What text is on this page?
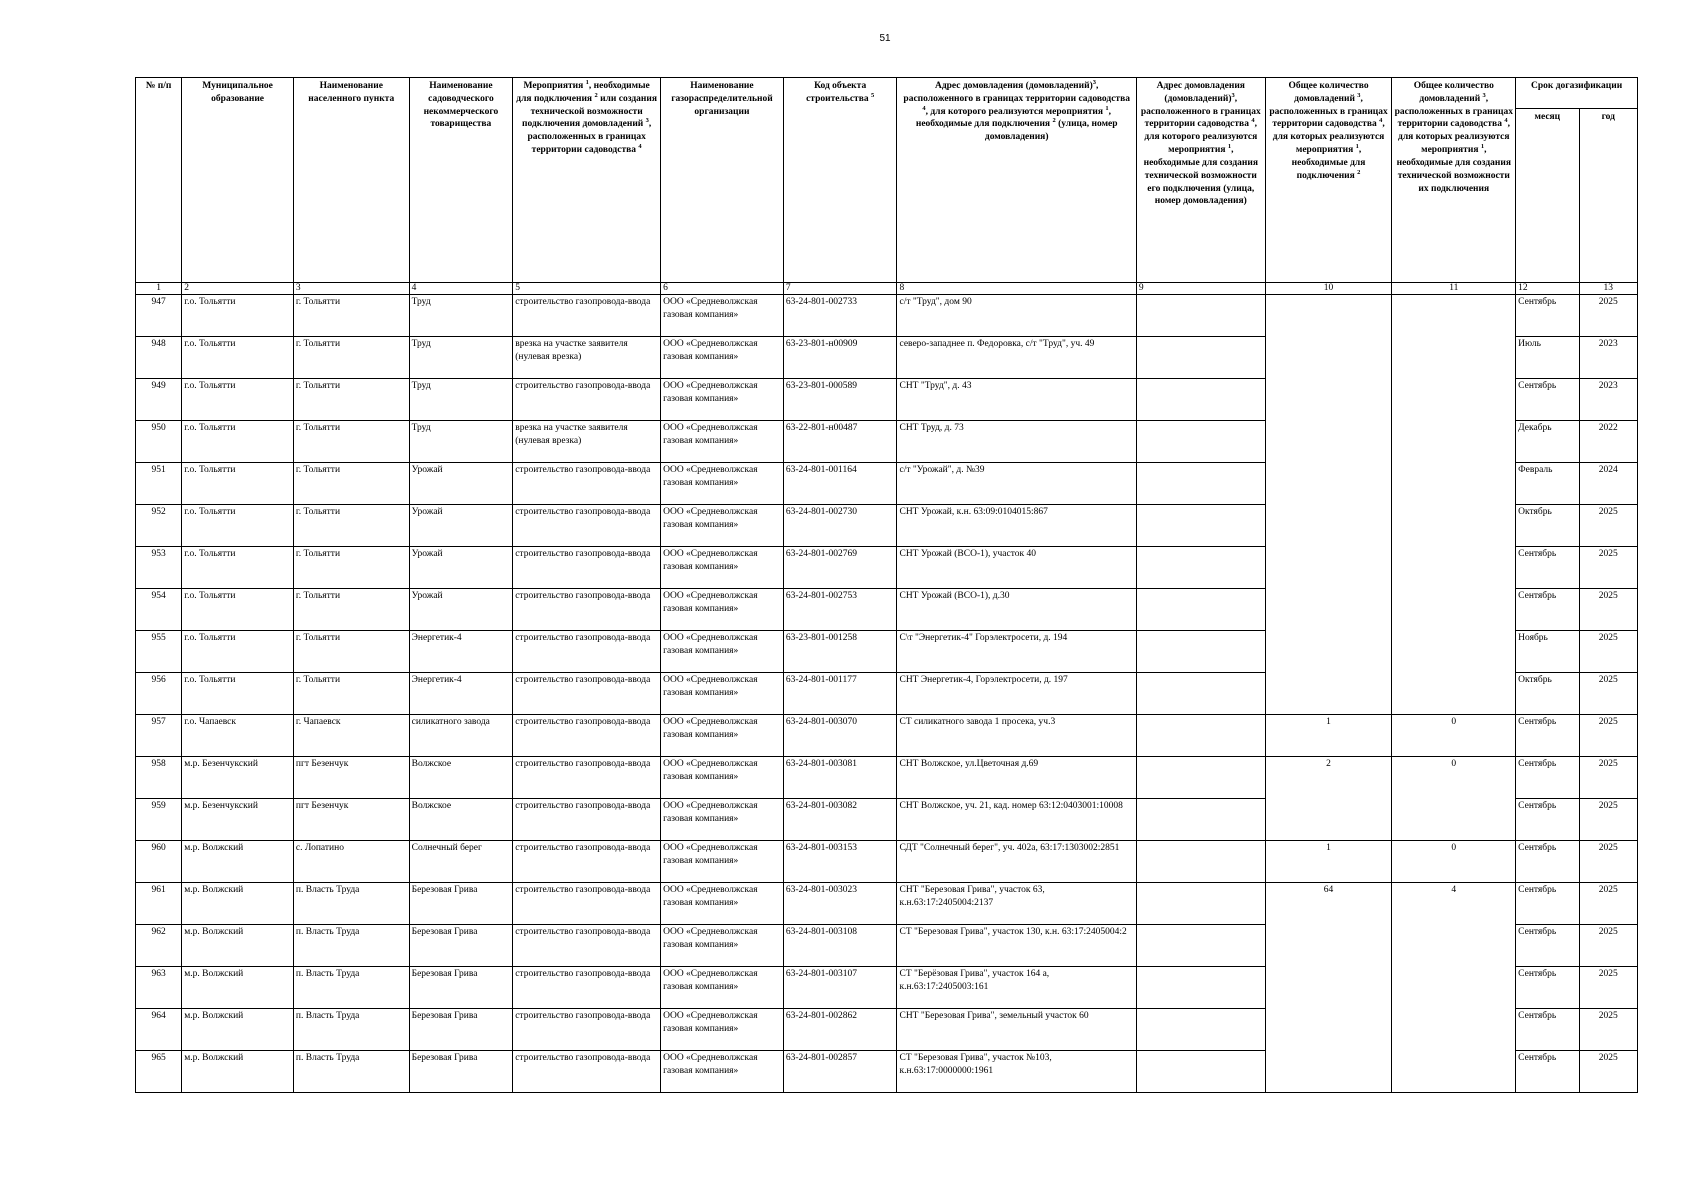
51
№ п/п	Муниципальное образование	Наименование населенного пункта	Наименование садоводческого некоммерческого товарищества	Мероприятия $^1$, необходимые для подключения $^2$ или создания технической возможности подключения домовладений $^3$, расположенных в границах территории садоводства $^4$	Наименование газораспределительной организации	Код объекта строительства $^5$	Адрес домовладения (домовладений)$^3$, расположенного в границах территории садоводства $^4$, для которого реализуются мероприятия $^1$, необходимые для подключения $^2$ (улица, номер домовладения)	Адрес домовладения (домовладений)$^3$, расположенного в границах территории садоводства $^4$, для которого реализуются мероприятия $^1$, необходимые для создания технической возможности его подключения (улица, номер домовладения)	Общее количество домовладений $^3$, расположенных в границах территории садоводства $^4$, для которых реализуются мероприятия $^1$, необходимые для подключения $^2$	Общее количество домовладений $^3$, расположенных в границах территории садоводства $^4$, для которых реализуются мероприятия $^1$, необходимые для создания технической возможности их подключения	Срок догазификации	
											месяц	год
1	2	3	4	5	6	7	8	9	10	11	12	13
947	г.о. Тольятти	г. Тольятти	Труд	строительство газопровода-ввода	ООО «Средневолжская газовая компания»	63-24-801-002733	с/т "Труд", дом 90				Сентябрь	2025
948	г.о. Тольятти	г. Тольятти	Труд	врезка на участке заявителя (нулевая врезка)	ООО «Средневолжская газовая компания»	63-23-801-н00909	северо-западнее п. Федоровка, с/т "Труд", уч. 49				Июль	2023
949	г.о. Тольятти	г. Тольятти	Труд	строительство газопровода-ввода	ООО «Средневолжская газовая компания»	63-23-801-000589	СНТ "Труд", д. 43				Сентябрь	2023
950	г.о. Тольятти	г. Тольятти	Труд	врезка на участке заявителя (нулевая врезка)	ООО «Средневолжская газовая компания»	63-22-801-н00487	СНТ Труд, д. 73				Декабрь	2022
951	г.о. Тольятти	г. Тольятти	Урожай	строительство газопровода-ввода	ООО «Средневолжская газовая компания»	63-24-801-001164	с/т "Урожай", д. №39				Февраль	2024
952	г.о. Тольятти	г. Тольятти	Урожай	строительство газопровода-ввода	ООО «Средневолжская газовая компания»	63-24-801-002730	СНТ Урожай, к.н. 63:09:0104015:867				Октябрь	2025
953	г.о. Тольятти	г. Тольятти	Урожай	строительство газопровода-ввода	ООО «Средневолжская газовая компания»	63-24-801-002769	СНТ Урожай (ВСО-1), участок 40				Сентябрь	2025
954	г.о. Тольятти	г. Тольятти	Урожай	строительство газопровода-ввода	ООО «Средневолжская газовая компания»	63-24-801-002753	СНТ Урожай (ВСО-1), д.30				Сентябрь	2025
955	г.о. Тольятти	г. Тольятти	Энергетик-4	строительство газопровода-ввода	ООО «Средневолжская газовая компания»	63-23-801-001258	С\т "Энергетик-4" Горэлектросети, д. 194				Ноябрь	2025
956	г.о. Тольятти	г. Тольятти	Энергетик-4	строительство газопровода-ввода	ООО «Средневолжская газовая компания»	63-24-801-001177	СНТ Энергетик-4, Горэлектросети, д. 197				Октябрь	2025
957	г.о. Чапаевск	г. Чапаевск	силикатного завода	строительство газопровода-ввода	ООО «Средневолжская газовая компания»	63-24-801-003070	СТ силикатного завода 1 просека, уч.3		1	0	Сентябрь	2025
958	м.р. Безенчукский	пгт Безенчук	Волжское	строительство газопровода-ввода	ООО «Средневолжская газовая компания»	63-24-801-003081	СНТ Волжское, ул.Цветочная д.69		2	0	Сентябрь	2025
959	м.р. Безенчукский	пгт Безенчук	Волжское	строительство газопровода-ввода	ООО «Средневолжская газовая компания»	63-24-801-003082	СНТ Волжское, уч. 21, кад. номер 63:12:0403001:10008				Сентябрь	2025
960	м.р. Волжский	с. Лопатино	Солнечный берег	строительство газопровода-ввода	ООО «Средневолжская газовая компания»	63-24-801-003153	СДТ "Солнечный берег", уч. 402а, 63:17:1303002:2851		1	0	Сентябрь	2025
961	м.р. Волжский	п. Власть Труда	Березовая Грива	строительство газопровода-ввода	ООО «Средневолжская газовая компания»	63-24-801-003023	СНТ "Березовая Грива", участок 63, к.н.63:17:2405004:2137		64	4	Сентябрь	2025
962	м.р. Волжский	п. Власть Труда	Березовая Грива	строительство газопровода-ввода	ООО «Средневолжская газовая компания»	63-24-801-003108	СТ "Березовая Грива", участок 130, к.н. 63:17:2405004:2				Сентябрь	2025
963	м.р. Волжский	п. Власть Труда	Березовая Грива	строительство газопровода-ввода	ООО «Средневолжская газовая компания»	63-24-801-003107	СТ "Берёзовая Грива", участок 164 а, к.н.63:17:2405003:161				Сентябрь	2025
964	м.р. Волжский	п. Власть Труда	Березовая Грива	строительство газопровода-ввода	ООО «Средневолжская газовая компания»	63-24-801-002862	СНТ "Березовая Грива", земельный участок 60				Сентябрь	2025
965	м.р. Волжский	п. Власть Труда	Березовая Грива	строительство газопровода-ввода	ООО «Средневолжская газовая компания»	63-24-801-002857	СТ "Березовая Грива", участок №103, к.н.63:17:0000000:1961				Сентябрь	2025
